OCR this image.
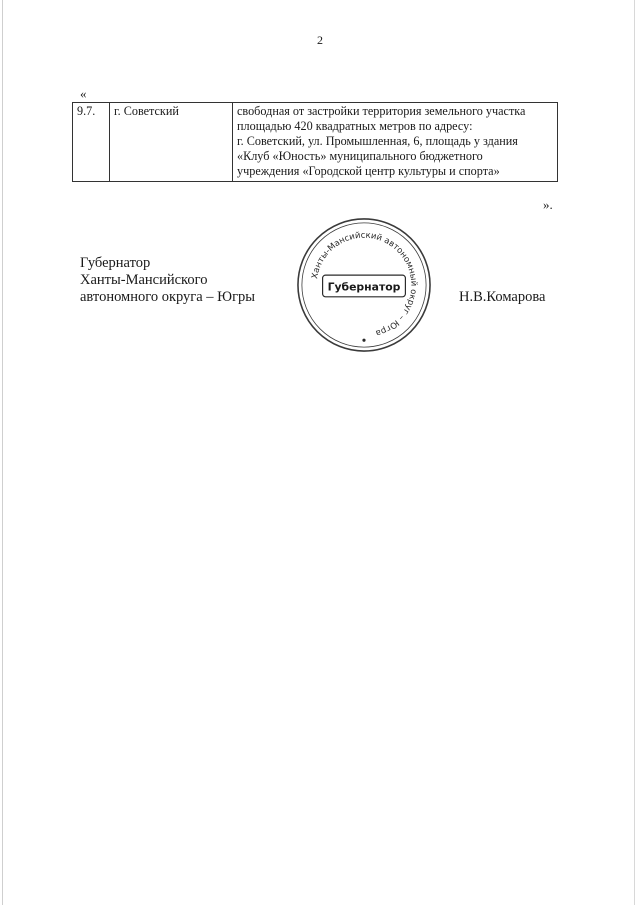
2
«
9.7.	г. Советский	свободная от застройки территория земельного участка
площадью 420 квадратных метров по адресу:
г. Советский, ул. Промышленная, 6, площадь у здания
«Клуб «Юность» муниципального бюджетного
учреждения «Городской центр культуры и спорта»
».
Губернатор
Ханты-Мансийского
автономного округа – Югры
Ханты-Мансийский автономный округ – Югра
Губернатор
Н.В.Комарова
